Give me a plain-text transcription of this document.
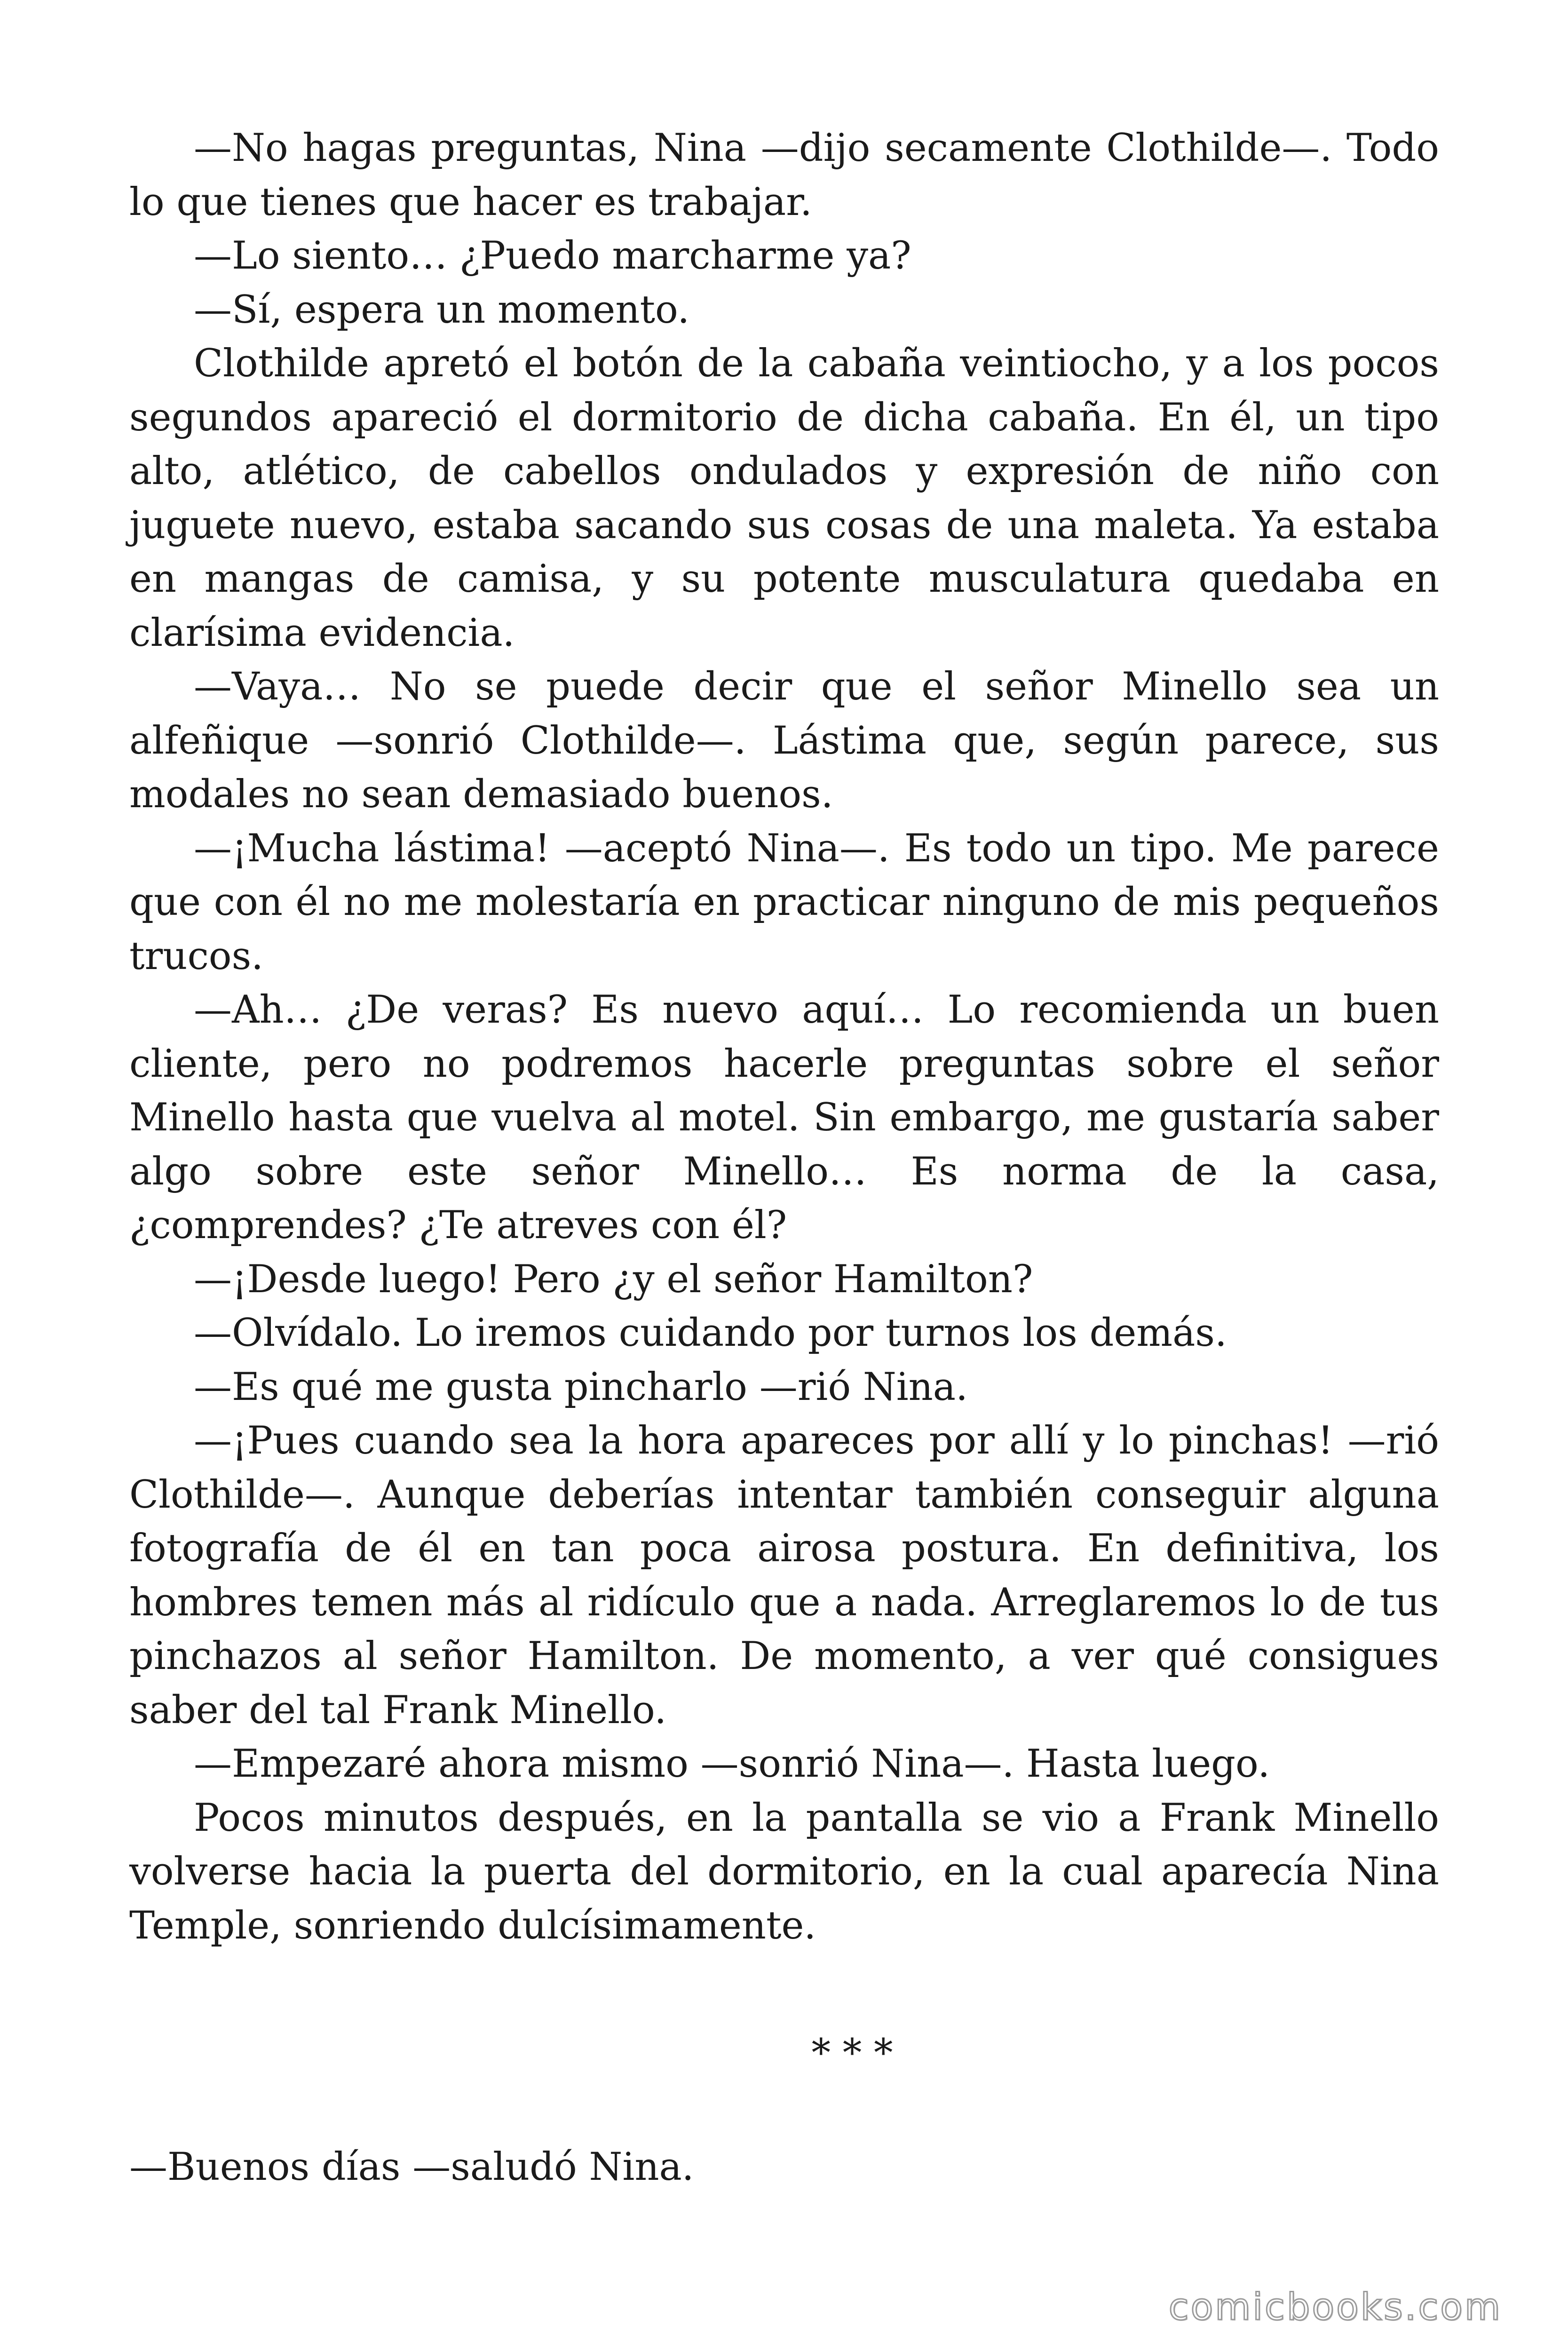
—No hagas preguntas, Nina —dijo secamente Clothilde—. Todo lo que tienes que hacer es trabajar.

—Lo siento… ¿Puedo marcharme ya?

—Sí, espera un momento.

Clothilde apretó el botón de la cabaña veintiocho, y a los pocos segundos apareció el dormitorio de dicha cabaña. En él, un tipo alto, atlético, de cabellos ondulados y expresión de niño con juguete nuevo, estaba sacando sus cosas de una maleta. Ya estaba en mangas de camisa, y su potente musculatura quedaba en clarísima evidencia.

—Vaya… No se puede decir que el señor Minello sea un alfeñique —sonrió Clothilde—. Lástima que, según parece, sus modales no sean demasiado buenos.

—¡Mucha lástima! —aceptó Nina—. Es todo un tipo. Me parece que con él no me molestaría en practicar ninguno de mis pequeños trucos.

—Ah… ¿De veras? Es nuevo aquí… Lo recomienda un buen cliente, pero no podremos hacerle preguntas sobre el señor Minello hasta que vuelva al motel. Sin embargo, me gustaría saber algo sobre este señor Minello… Es norma de la casa, ¿comprendes? ¿Te atreves con él?

—¡Desde luego! Pero ¿y el señor Hamilton?

—Olvídalo. Lo iremos cuidando por turnos los demás.

—Es qué me gusta pincharlo —rió Nina.

—¡Pues cuando sea la hora apareces por allí y lo pinchas! —rió Clothilde—. Aunque deberías intentar también conseguir alguna fotografía de él en tan poca airosa postura. En definitiva, los hombres temen más al ridículo que a nada. Arreglaremos lo de tus pinchazos al señor Hamilton. De momento, a ver qué consigues saber del tal Frank Minello.

—Empezaré ahora mismo —sonrió Nina—. Hasta luego.

Pocos minutos después, en la pantalla se vio a Frank Minello volverse hacia la puerta del dormitorio, en la cual aparecía Nina Temple, sonriendo dulcísimamente.

* * *

—Buenos días —saludó Nina.

comicbooks.com
